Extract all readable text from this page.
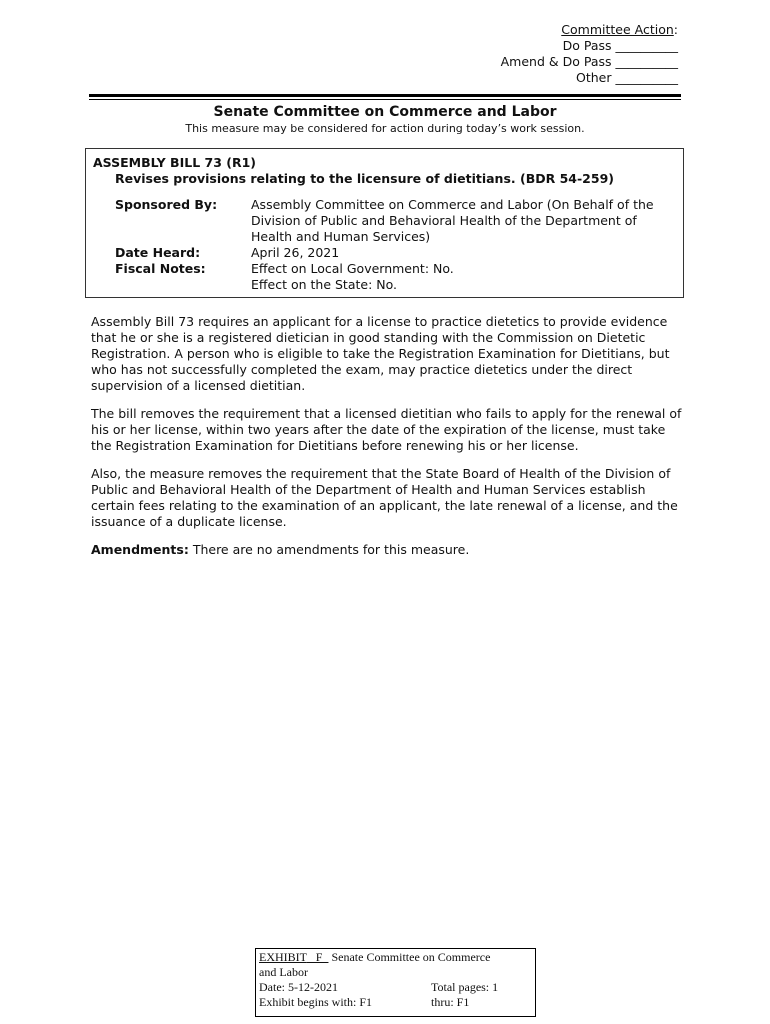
Committee Action:
Do Pass __________
Amend & Do Pass __________
Other __________
Senate Committee on Commerce and Labor
This measure may be considered for action during today’s work session.
ASSEMBLY BILL 73 (R1)
Revises provisions relating to the licensure of dietitians. (BDR 54-259)
Sponsored By:	Assembly Committee on Commerce and Labor (On Behalf of the Division of Public and Behavioral Health of the Department of Health and Human Services)
Date Heard:	April 26, 2021
Fiscal Notes:	Effect on Local Government: No.
Effect on the State: No.

Assembly Bill 73 requires an applicant for a license to practice dietetics to provide evidence that he or she is a registered dietician in good standing with the Commission on Dietetic Registration. A person who is eligible to take the Registration Examination for Dietitians, but who has not successfully completed the exam, may practice dietetics under the direct supervision of a licensed dietitian.

The bill removes the requirement that a licensed dietitian who fails to apply for the renewal of his or her license, within two years after the date of the expiration of the license, must take the Registration Examination for Dietitians before renewing his or her license.

Also, the measure removes the requirement that the State Board of Health of the Division of Public and Behavioral Health of the Department of Health and Human Services establish certain fees relating to the examination of an applicant, the late renewal of a license, and the issuance of a duplicate license.

Amendments: There are no amendments for this measure.

EXHIBIT   F   Senate Committee on Commerce
and Labor
Date: 5-12-2021	Total pages: 1
Exhibit begins with: F1	thru: F1
